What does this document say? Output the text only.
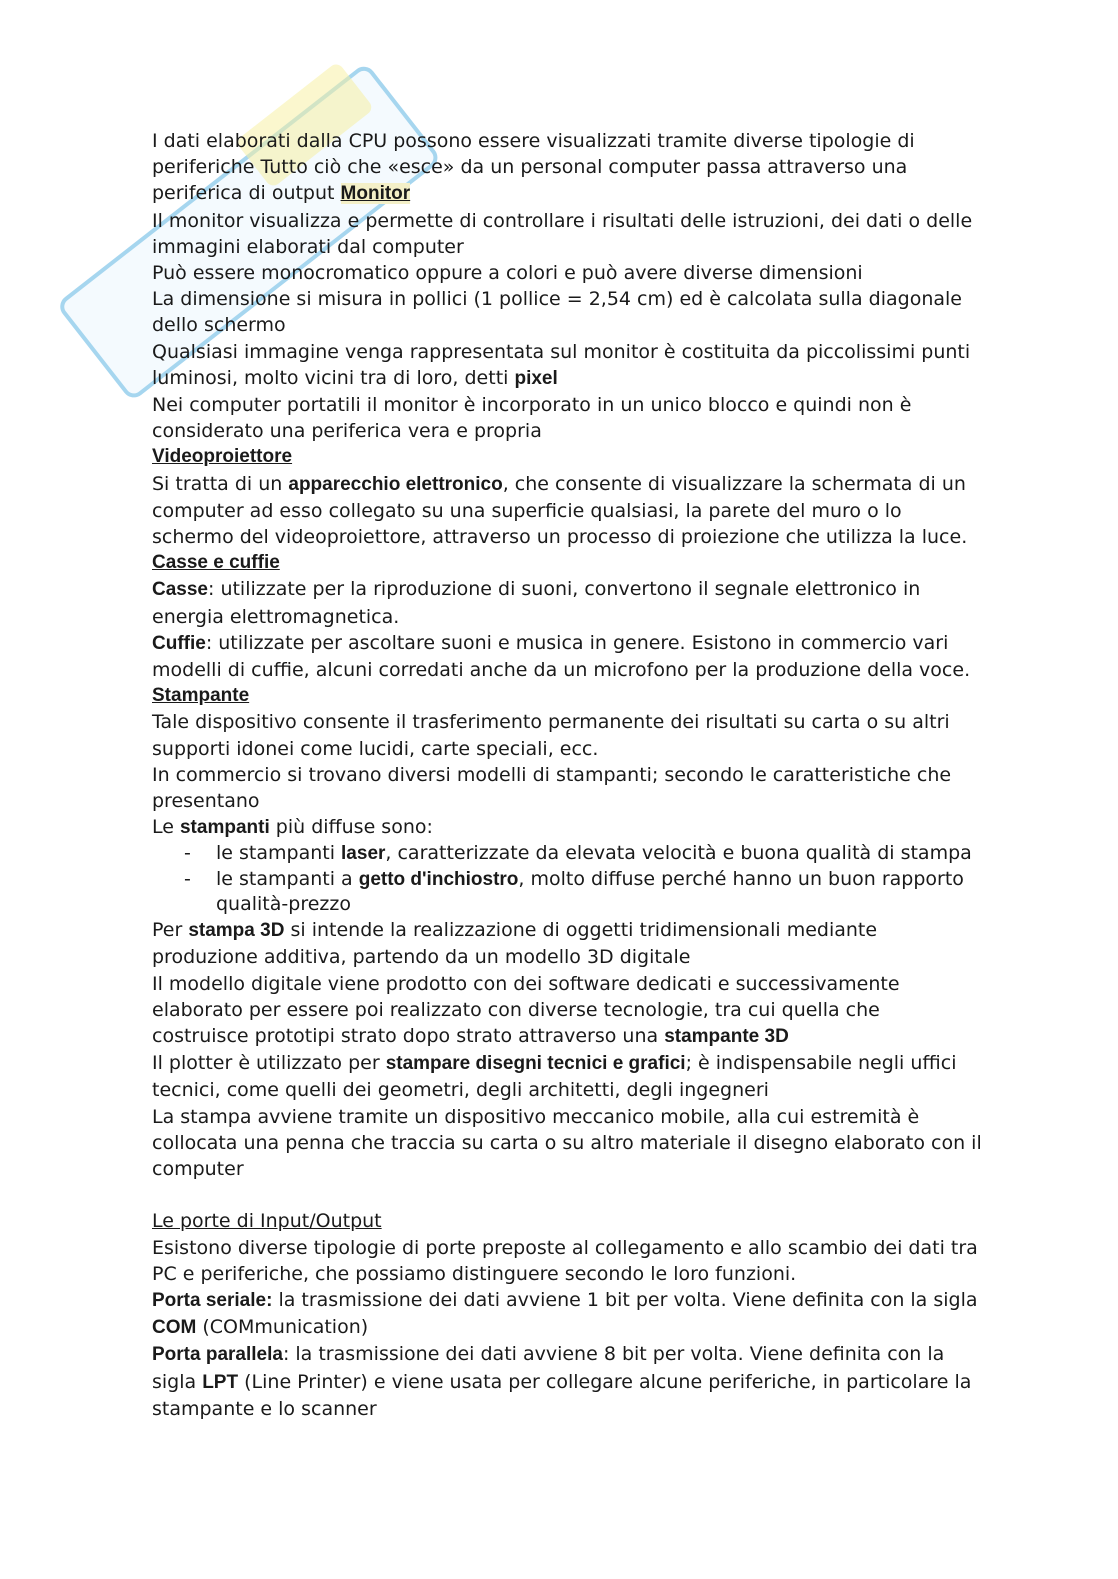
I dati elaborati dalla CPU possono essere visualizzati tramite diverse tipologie di

periferiche Tutto ciò che «esce» da un personal computer passa attraverso una

periferica di output Monitor

Il monitor visualizza e permette di controllare i risultati delle istruzioni, dei dati o delle immagini elaborati dal computer

Può essere monocromatico oppure a colori e può avere diverse dimensioni

La dimensione si misura in pollici (1 pollice = 2,54 cm) ed è calcolata sulla diagonale dello schermo

Qualsiasi immagine venga rappresentata sul monitor è costituita da piccolissimi punti luminosi, molto vicini tra di loro, detti pixel

Nei computer portatili il monitor è incorporato in un unico blocco e quindi non è considerato una periferica vera e propria

Videoproiettore

Si tratta di un apparecchio elettronico, che consente di visualizzare la schermata di un computer ad esso collegato su una superficie qualsiasi, la parete del muro o lo schermo del videoproiettore, attraverso un processo di proiezione che utilizza la luce.

Casse e cuffie

Casse: utilizzate per la riproduzione di suoni, convertono il segnale elettronico in energia elettromagnetica.

Cuffie: utilizzate per ascoltare suoni e musica in genere. Esistono in commercio vari modelli di cuffie, alcuni corredati anche da un microfono per la produzione della voce.

Stampante

Tale dispositivo consente il trasferimento permanente dei risultati su carta o su altri supporti idonei come lucidi, carte speciali, ecc.

In commercio si trovano diversi modelli di stampanti; secondo le caratteristiche che presentano

Le stampanti più diffuse sono:

- le stampanti laser, caratterizzate da elevata velocità e buona qualità di stampa
- le stampanti a getto d'inchiostro, molto diffuse perché hanno un buon rapporto qualità-prezzo

Per stampa 3D si intende la realizzazione di oggetti tridimensionali mediante produzione additiva, partendo da un modello 3D digitale

Il modello digitale viene prodotto con dei software dedicati e successivamente elaborato per essere poi realizzato con diverse tecnologie, tra cui quella che costruisce prototipi strato dopo strato attraverso una stampante 3D

Il plotter è utilizzato per stampare disegni tecnici e grafici; è indispensabile negli uffici tecnici, come quelli dei geometri, degli architetti, degli ingegneri

La stampa avviene tramite un dispositivo meccanico mobile, alla cui estremità è collocata una penna che traccia su carta o su altro materiale il disegno elaborato con il computer

Le porte di Input/Output

Esistono diverse tipologie di porte preposte al collegamento e allo scambio dei dati tra PC e periferiche, che possiamo distinguere secondo le loro funzioni.

Porta seriale: la trasmissione dei dati avviene 1 bit per volta. Viene definita con la sigla

COM (COMmunication)

Porta parallela: la trasmissione dei dati avviene 8 bit per volta. Viene definita con la sigla LPT (Line Printer) e viene usata per collegare alcune periferiche, in particolare la stampante e lo scanner
